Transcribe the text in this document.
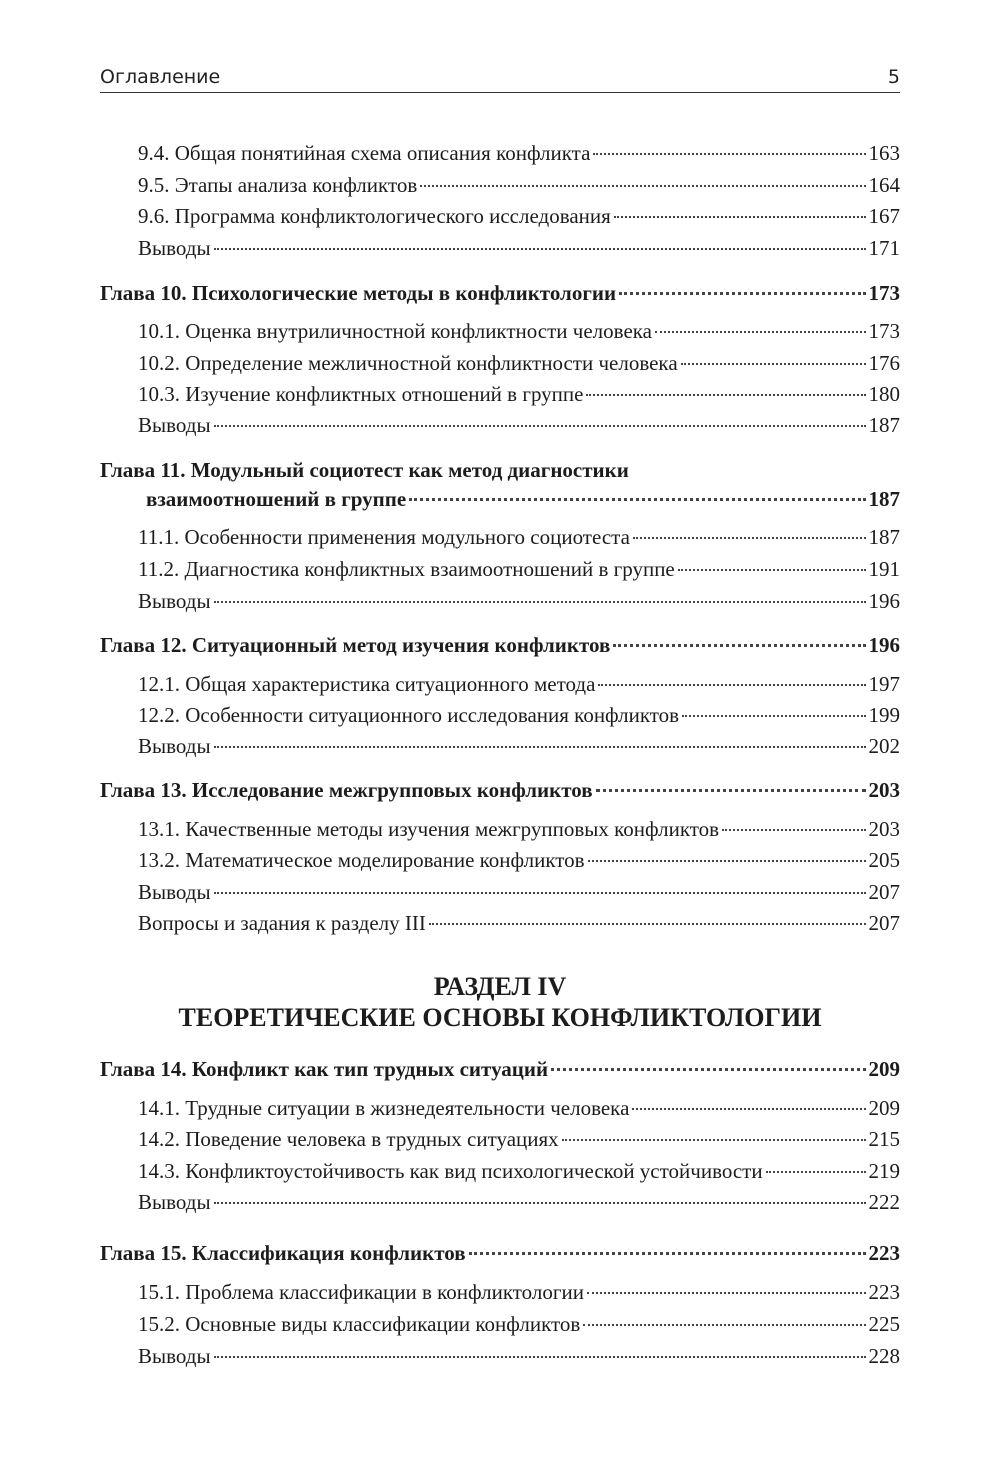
Оглавление	5
9.4. Общая понятийная схема описания конфликта	163
9.5. Этапы анализа конфликтов	164
9.6. Программа конфликтологического исследования	167
Выводы	171
Глава 10. Психологические методы в конфликтологии	173
10.1. Оценка внутриличностной конфликтности человека	173
10.2. Определение межличностной конфликтности человека	176
10.3. Изучение конфликтных отношений в группе	180
Выводы	187
Глава 11. Модульный социотест как метод диагностики
взаимоотношений в группе	187
11.1. Особенности применения модульного социотеста	187
11.2. Диагностика конфликтных взаимоотношений в группе	191
Выводы	196
Глава 12. Ситуационный метод изучения конфликтов	196
12.1. Общая характеристика ситуационного метода	197
12.2. Особенности ситуационного исследования конфликтов	199
Выводы	202
Глава 13. Исследование межгрупповых конфликтов	203
13.1. Качественные методы изучения межгрупповых конфликтов	203
13.2. Математическое моделирование конфликтов	205
Выводы	207
Вопросы и задания к разделу III	207
РАЗДЕЛ IV
ТЕОРЕТИЧЕСКИЕ ОСНОВЫ КОНФЛИКТОЛОГИИ
Глава 14. Конфликт как тип трудных ситуаций	209
14.1. Трудные ситуации в жизнедеятельности человека	209
14.2. Поведение человека в трудных ситуациях	215
14.3. Конфликтоустойчивость как вид психологической устойчивости	219
Выводы	222
Глава 15. Классификация конфликтов	223
15.1. Проблема классификации в конфликтологии	223
15.2. Основные виды классификации конфликтов	225
Выводы	228
